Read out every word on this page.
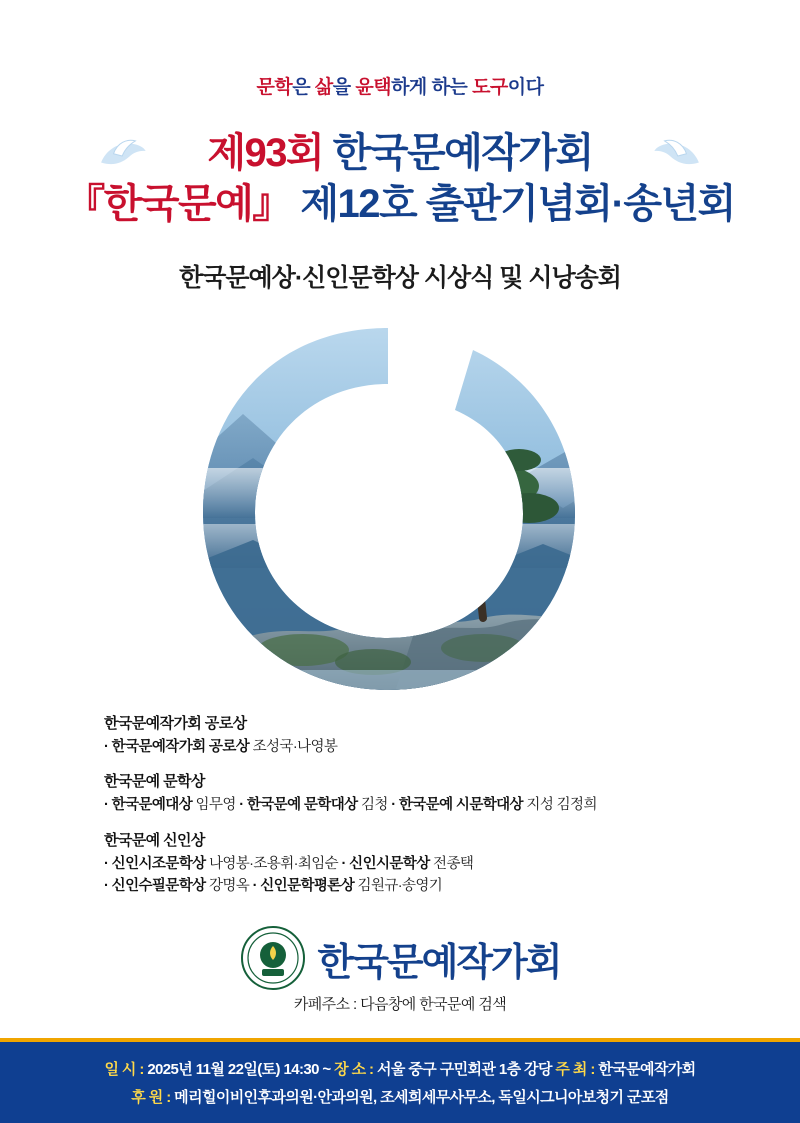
문학은 삶을 윤택하게 하는 도구이다
제93회 한국문예작가회
『한국문예』 제12호 출판기념회·송년회
한국문예상·신인문학상 시상식 및 시낭송회
한국문예작가회 공로상
· 한국문예작가회 공로상 조성국·나영봉
한국문예 문학상
· 한국문예대상 임무영 · 한국문예 문학대상 김청 · 한국문예 시문학대상 지성 김정희
한국문예 신인상
· 신인시조문학상 나영봉·조용휘·최임순 · 신인시문학상 전종택
· 신인수필문학상 강명옥 · 신인문학평론상 김원규·송영기
한국문예작가회
카페주소 : 다음창에 한국문예 검색
일 시 : 2025년 11월 22일(토) 14:30 ~ 장 소 : 서울 중구 구민회관 1층 강당 주 최 : 한국문예작가회
후 원 : 메리힐이비인후과의원·안과의원, 조세희세무사무소, 독일시그니아보청기 군포점
